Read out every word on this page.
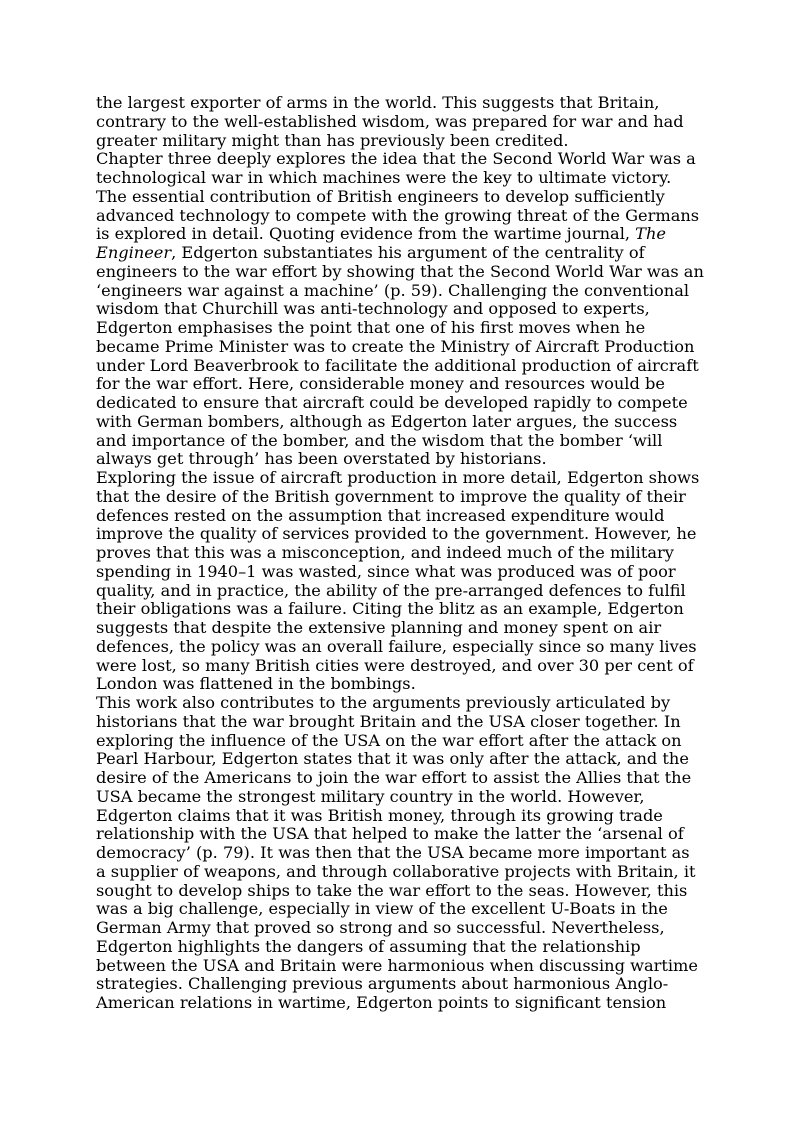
the largest exporter of arms in the world. This suggests that Britain,
contrary to the well-established wisdom, was prepared for war and had
greater military might than has previously been credited.
Chapter three deeply explores the idea that the Second World War was a
technological war in which machines were the key to ultimate victory.
The essential contribution of British engineers to develop sufficiently
advanced technology to compete with the growing threat of the Germans
is explored in detail. Quoting evidence from the wartime journal, The
Engineer, Edgerton substantiates his argument of the centrality of
engineers to the war effort by showing that the Second World War was an
‘engineers war against a machine’ (p. 59). Challenging the conventional
wisdom that Churchill was anti-technology and opposed to experts,
Edgerton emphasises the point that one of his first moves when he
became Prime Minister was to create the Ministry of Aircraft Production
under Lord Beaverbrook to facilitate the additional production of aircraft
for the war effort. Here, considerable money and resources would be
dedicated to ensure that aircraft could be developed rapidly to compete
with German bombers, although as Edgerton later argues, the success
and importance of the bomber, and the wisdom that the bomber ‘will
always get through’ has been overstated by historians.
Exploring the issue of aircraft production in more detail, Edgerton shows
that the desire of the British government to improve the quality of their
defences rested on the assumption that increased expenditure would
improve the quality of services provided to the government. However, he
proves that this was a misconception, and indeed much of the military
spending in 1940–1 was wasted, since what was produced was of poor
quality, and in practice, the ability of the pre-arranged defences to fulfil
their obligations was a failure. Citing the blitz as an example, Edgerton
suggests that despite the extensive planning and money spent on air
defences, the policy was an overall failure, especially since so many lives
were lost, so many British cities were destroyed, and over 30 per cent of
London was flattened in the bombings.
This work also contributes to the arguments previously articulated by
historians that the war brought Britain and the USA closer together. In
exploring the influence of the USA on the war effort after the attack on
Pearl Harbour, Edgerton states that it was only after the attack, and the
desire of the Americans to join the war effort to assist the Allies that the
USA became the strongest military country in the world. However,
Edgerton claims that it was British money, through its growing trade
relationship with the USA that helped to make the latter the ‘arsenal of
democracy’ (p. 79). It was then that the USA became more important as
a supplier of weapons, and through collaborative projects with Britain, it
sought to develop ships to take the war effort to the seas. However, this
was a big challenge, especially in view of the excellent U-Boats in the
German Army that proved so strong and so successful. Nevertheless,
Edgerton highlights the dangers of assuming that the relationship
between the USA and Britain were harmonious when discussing wartime
strategies. Challenging previous arguments about harmonious Anglo-
American relations in wartime, Edgerton points to significant tension
